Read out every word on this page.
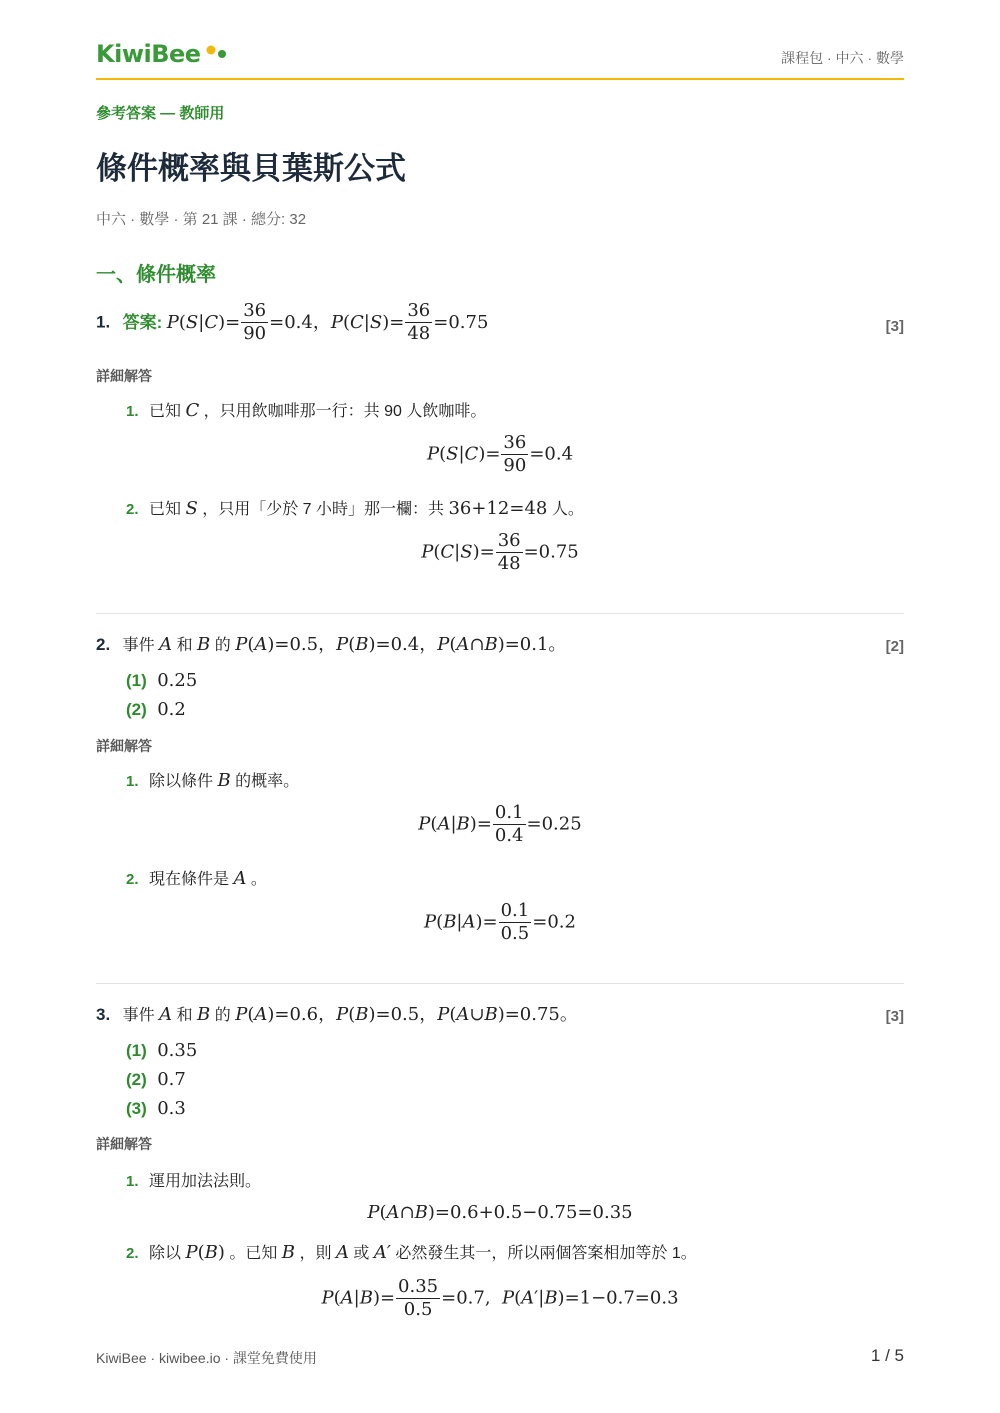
KiwiBee	課程包 · 中六 · 數學
參考答案 — 教師用
條件概率與貝葉斯公式
中六 · 數學 · 第 21 課 · 總分: 32
一、條件概率
1. 答案: $P(S|C)= \frac{36}{90} =0.4$，$P(C|S)= \frac{36}{48} =0.75$	[3]
詳細解答
1. 已知 C ，只用飲咖啡那一行：共 90 人飲咖啡。
$P(S|C)= \frac{36}{90} =0.4$
2. 已知 S ，只用「少於 7 小時」那一欄：共 36+12=48 人。
$P(C|S)= \frac{36}{48} =0.75$
2. 事件 A 和 B 的 P(A)=0.5，P(B)=0.4，P(A∩B)=0.1。	[2]
(1) 0.25
(2) 0.2
詳細解答
1. 除以條件 B 的概率。
$P(A|B)= \frac{0.1}{0.4} =0.25$
2. 現在條件是 A 。
$P(B|A)= \frac{0.1}{0.5} =0.2$
3. 事件 A 和 B 的 P(A)=0.6，P(B)=0.5，P(A∪B)=0.75。	[3]
(1) 0.35
(2) 0.7
(3) 0.3
詳細解答
1. 運用加法法則。
P(A∩B)=0.6+0.5−0.75=0.35
2. 除以 P(B) 。已知 B ，則 A 或 A′ 必然發生其一，所以兩個答案相加等於 1。
$P(A|B)= \frac{0.35}{0.5} =0.7$,  P(A′|B)=1−0.7=0.3
KiwiBee · kiwibee.io · 課堂免費使用	1 / 5
